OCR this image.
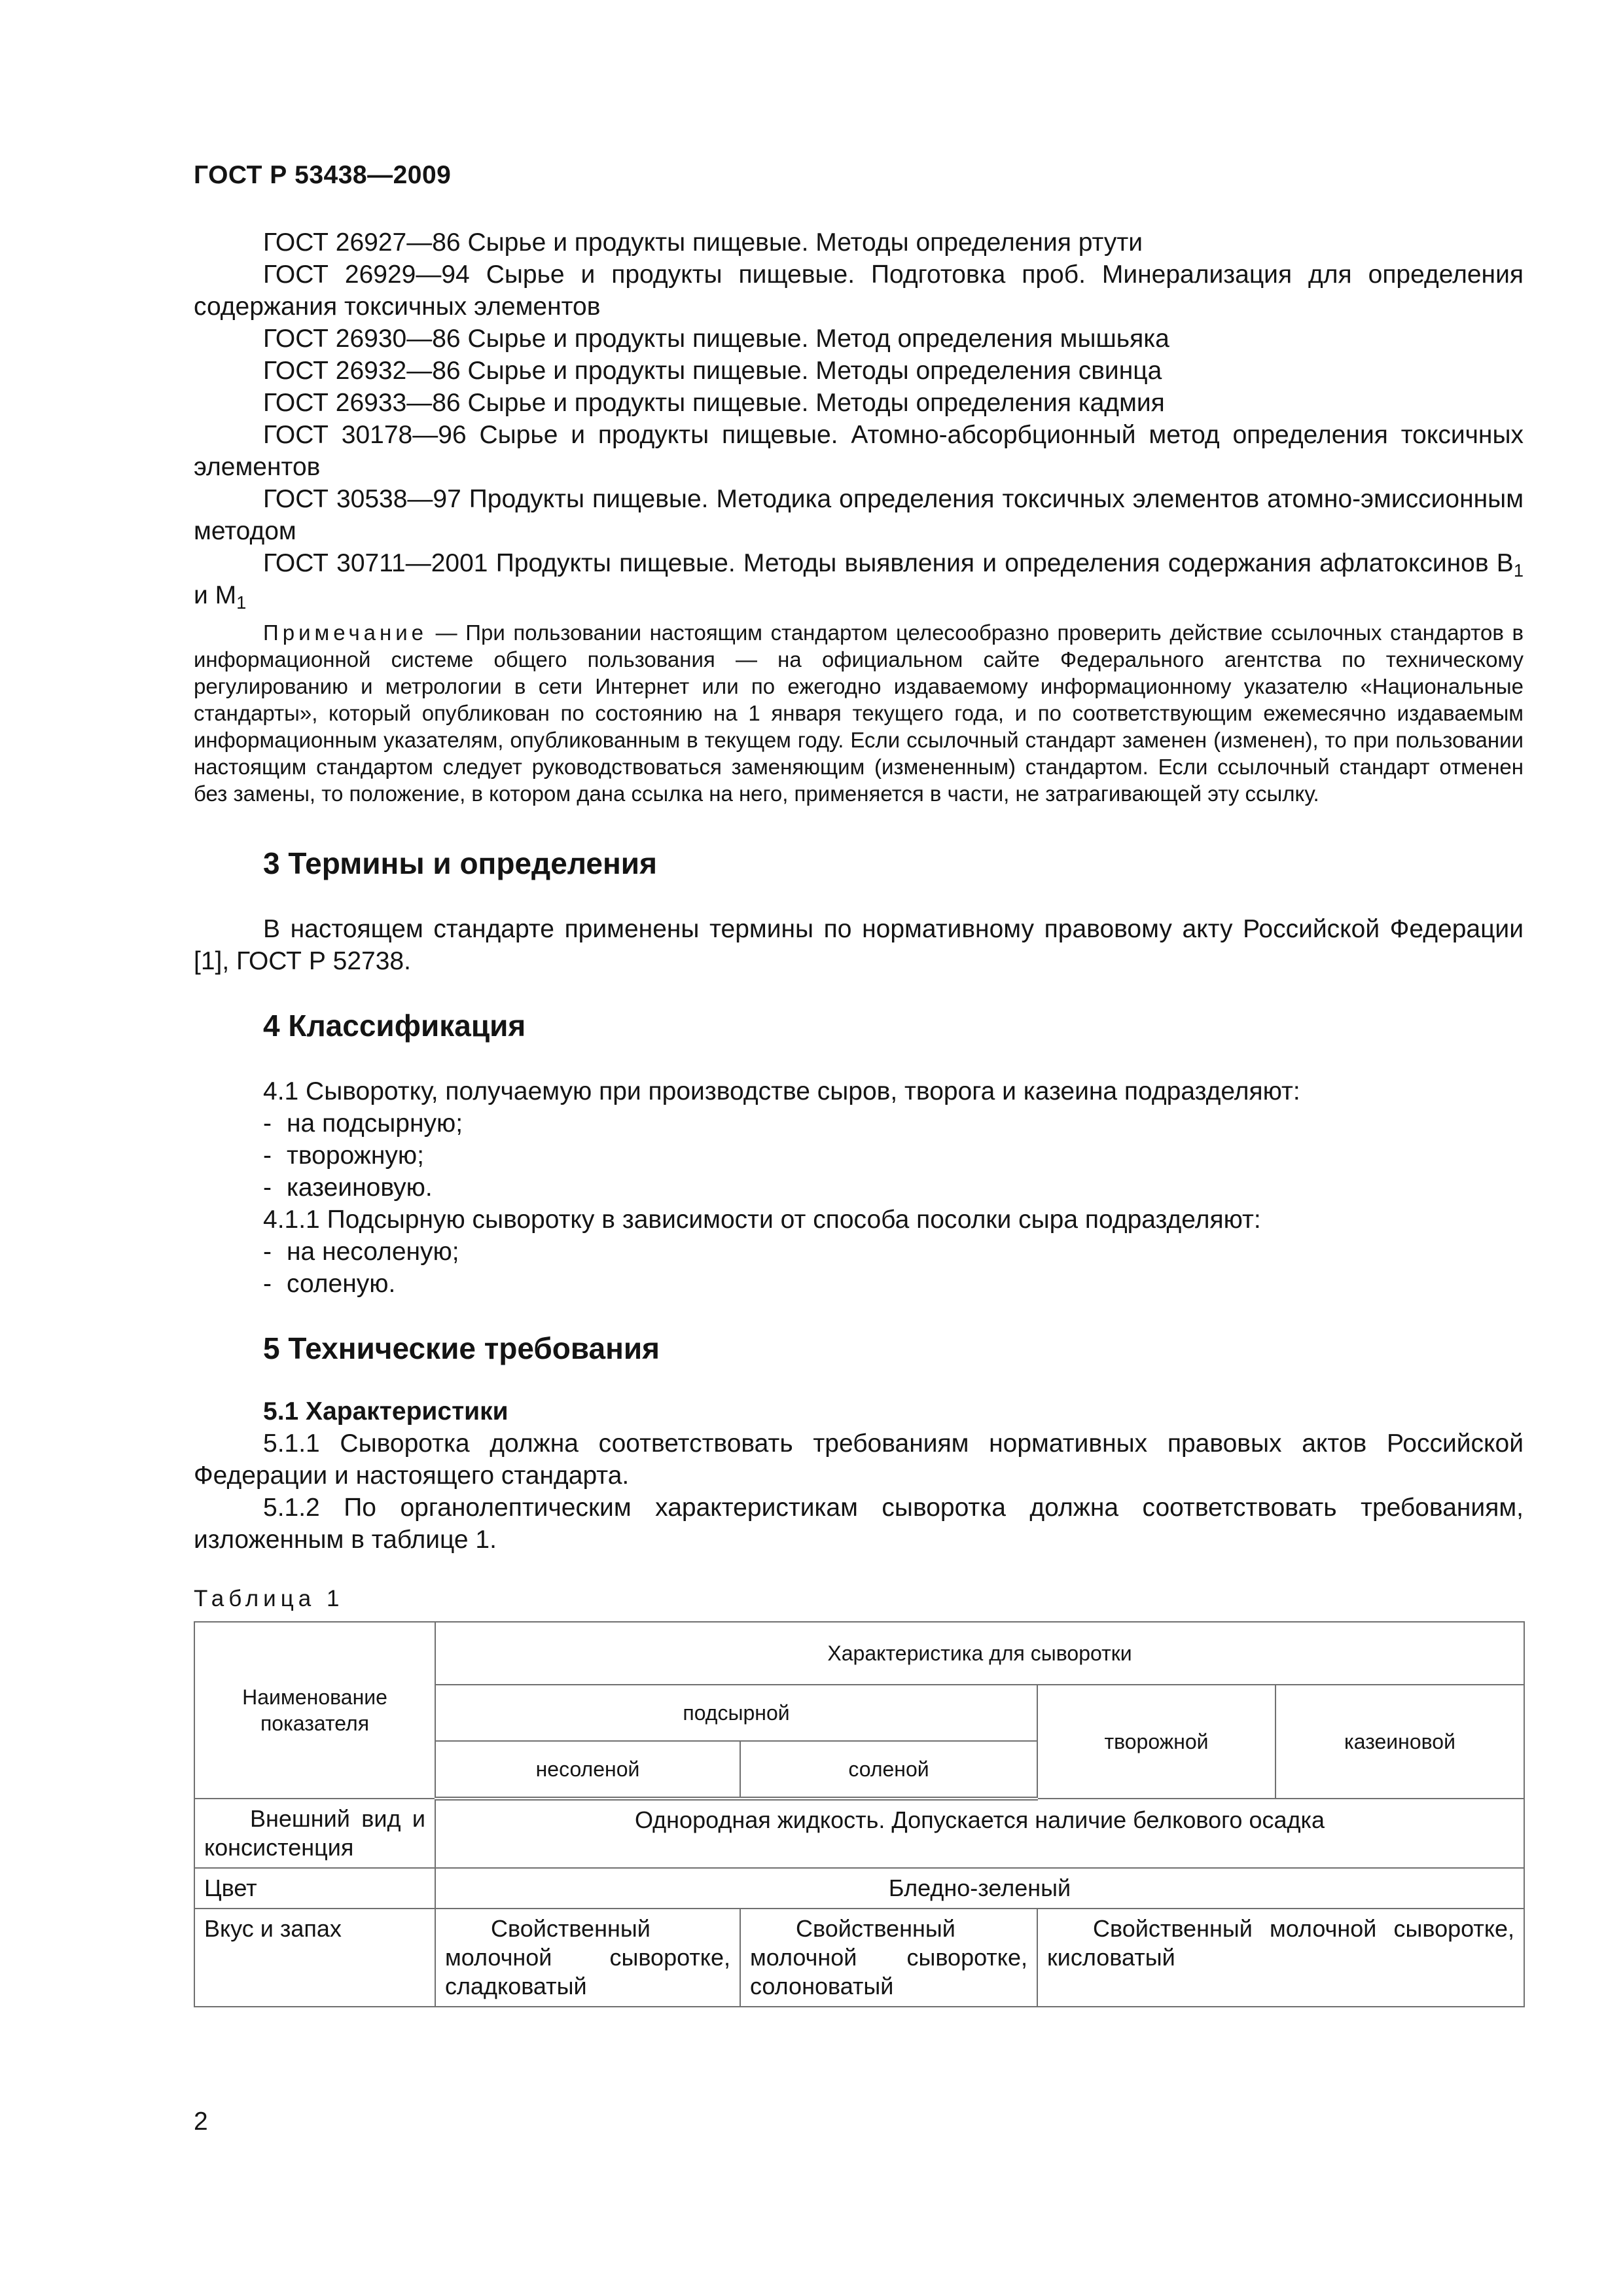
ГОСТ Р 53438—2009

ГОСТ 26927—86 Сырье и продукты пищевые. Методы определения ртути

ГОСТ 26929—94 Сырье и продукты пищевые. Подготовка проб. Минерализация для определения содержания токсичных элементов

ГОСТ 26930—86 Сырье и продукты пищевые. Метод определения мышьяка

ГОСТ 26932—86 Сырье и продукты пищевые. Методы определения свинца

ГОСТ 26933—86 Сырье и продукты пищевые. Методы определения кадмия

ГОСТ 30178—96 Сырье и продукты пищевые. Атомно-абсорбционный метод определения токсичных элементов

ГОСТ 30538—97 Продукты пищевые. Методика определения токсичных элементов атомно-эмиссионным методом

ГОСТ 30711—2001 Продукты пищевые. Методы выявления и определения содержания афлатоксинов $B_1$ и $M_1$

Примечание — При пользовании настоящим стандартом целесообразно проверить действие ссылочных стандартов в информационной системе общего пользования — на официальном сайте Федерального агентства по техническому регулированию и метрологии в сети Интернет или по ежегодно издаваемому информационному указателю «Национальные стандарты», который опубликован по состоянию на 1 января текущего года, и по соответствующим ежемесячно издаваемым информационным указателям, опубликованным в текущем году. Если ссылочный стандарт заменен (изменен), то при пользовании настоящим стандартом следует руководствоваться заменяющим (измененным) стандартом. Если ссылочный стандарт отменен без замены, то положение, в котором дана ссылка на него, применяется в части, не затрагивающей эту ссылку.

3 Термины и определения

В настоящем стандарте применены термины по нормативному правовому акту Российской Федерации [1], ГОСТ Р 52738.

4 Классификация

4.1 Сыворотку, получаемую при производстве сыров, творога и казеина подразделяют:

- на подсырную;
- творожную;
- казеиновую.

4.1.1 Подсырную сыворотку в зависимости от способа посолки сыра подразделяют:

- на несоленую;
- соленую.
5 Технические требования
5.1 Характеристики

5.1.1 Сыворотка должна соответствовать требованиям нормативных правовых актов Российской Федерации и настоящего стандарта.

5.1.2 По органолептическим характеристикам сыворотка должна соответствовать требованиям, изложенным в таблице 1.

Таблица 1
Наименование показателя	Характеристика для сыворотки			
	подсырной		творожной	казеиновой
	несоленой	соленой		
Внешний вид и консистенция	Однородная жидкость. Допускается наличие белкового осадка			
Цвет	Бледно-зеленый			
Вкус и запах	Свойственный молочной сыворотке, сладковатый	Свойственный молочной сыворотке, солоноватый	Свойственный молочной сыворотке, кисловатый	
2
